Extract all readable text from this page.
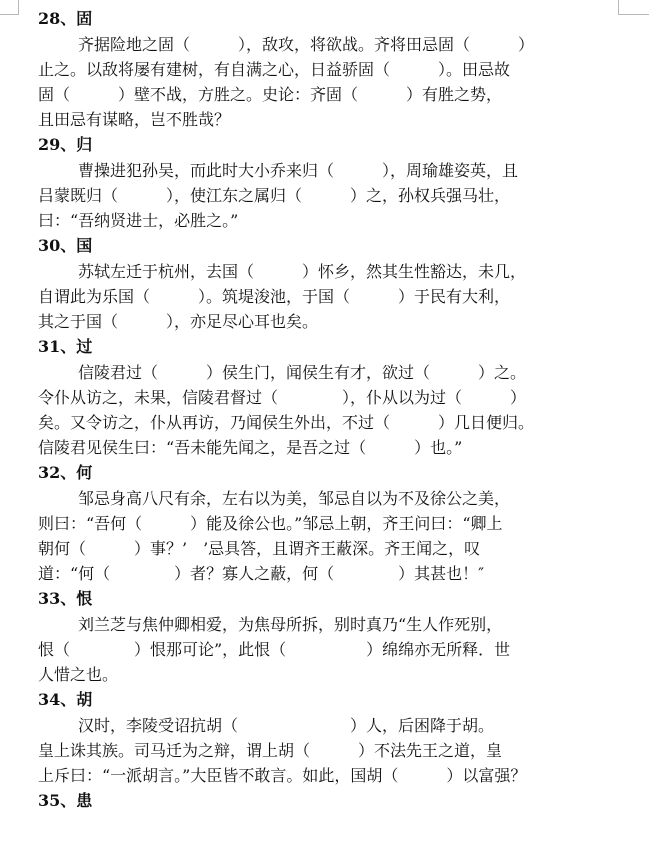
28、固

齐据险地之固（　　　），敌攻，将欲战。齐将田忌固（　　　）

止之。以敌将屡有建树，有自满之心，日益骄固（　　　）。田忌故

固（　　　）壁不战，方胜之。史论：齐固（　　　）有胜之势，

且田忌有谋略，岂不胜哉？

29、归

曹操进犯孙吴，而此时大小乔来归（　　　），周瑜雄姿英，且

吕蒙既归（　　　），使江东之属归（　　　）之，孙权兵强马壮，

曰：“吾纳贤进士，必胜之。”

30、国

苏轼左迁于杭州，去国（　　　）怀乡，然其生性豁达，未几，

自谓此为乐国（　　　）。筑堤浚池，于国（　　　）于民有大利，

其之于国（　　　），亦足尽心耳也矣。

31、过

信陵君过（　　　）侯生门，闻侯生有才，欲过（　　　）之。

令仆从访之，未果，信陵君督过（　　　　），仆从以为过（　　　）

矣。又令访之，仆从再访，乃闻侯生外出，不过（　　　）几日便归。

信陵君见侯生曰：“吾未能先闻之，是吾之过（　　　）也。”

32、何

邹忌身高八尺有余，左右以为美，邹忌自以为不及徐公之美，

则曰：“吾何（　　　）能及徐公也。”邹忌上朝，齐王问曰：“卿上

朝何（　　　）事？’　’忌具答，且谓齐王蔽深。齐王闻之，叹

道：“何（　　　　）者？寡人之蔽，何（　　　　）其甚也！″

33、恨

刘兰芝与焦仲卿相爱，为焦母所拆，别时真乃“生人作死别，

恨（　　　　）恨那可论”，此恨（　　　　　）绵绵亦无所释．世

人惜之也。

34、胡

汉时，李陵受诏抗胡（　　　　　　　）人，后困降于胡。

皇上诛其族。司马迁为之辩，谓上胡（　　　）不法先王之道，皇

上斥曰：“一派胡言。”大臣皆不敢言。如此，国胡（　　　）以富强？

35、患
